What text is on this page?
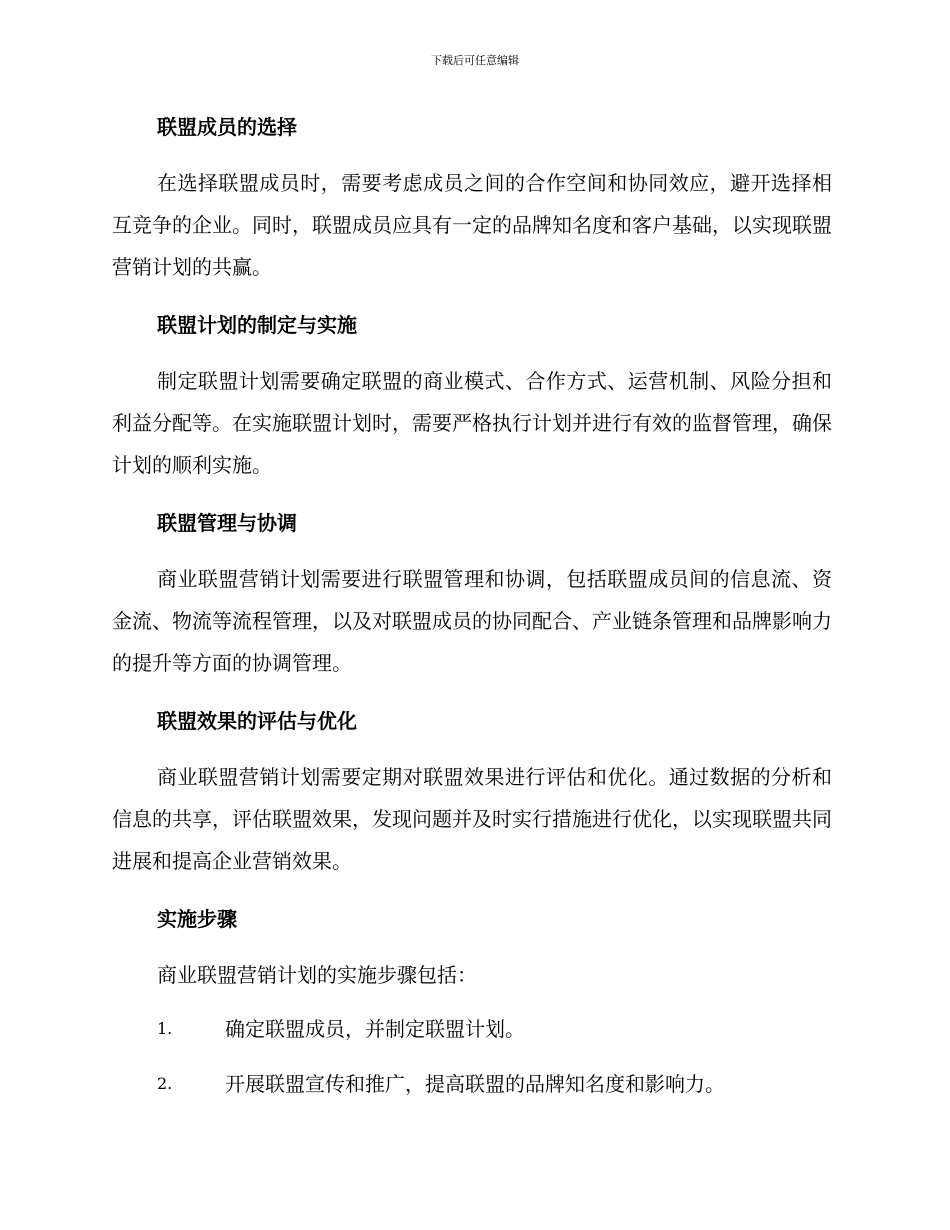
下载后可任意编辑
联盟成员的选择

在选择联盟成员时，需要考虑成员之间的合作空间和协同效应，避开选择相互竞争的企业。同时，联盟成员应具有一定的品牌知名度和客户基础，以实现联盟营销计划的共赢。

联盟计划的制定与实施

制定联盟计划需要确定联盟的商业模式、合作方式、运营机制、风险分担和利益分配等。在实施联盟计划时，需要严格执行计划并进行有效的监督管理，确保计划的顺利实施。

联盟管理与协调

商业联盟营销计划需要进行联盟管理和协调，包括联盟成员间的信息流、资金流、物流等流程管理，以及对联盟成员的协同配合、产业链条管理和品牌影响力的提升等方面的协调管理。

联盟效果的评估与优化

商业联盟营销计划需要定期对联盟效果进行评估和优化。通过数据的分析和信息的共享，评估联盟效果，发现问题并及时实行措施进行优化，以实现联盟共同进展和提高企业营销效果。

实施步骤

商业联盟营销计划的实施步骤包括：

1.	确定联盟成员，并制定联盟计划。
2.	开展联盟宣传和推广，提高联盟的品牌知名度和影响力。
